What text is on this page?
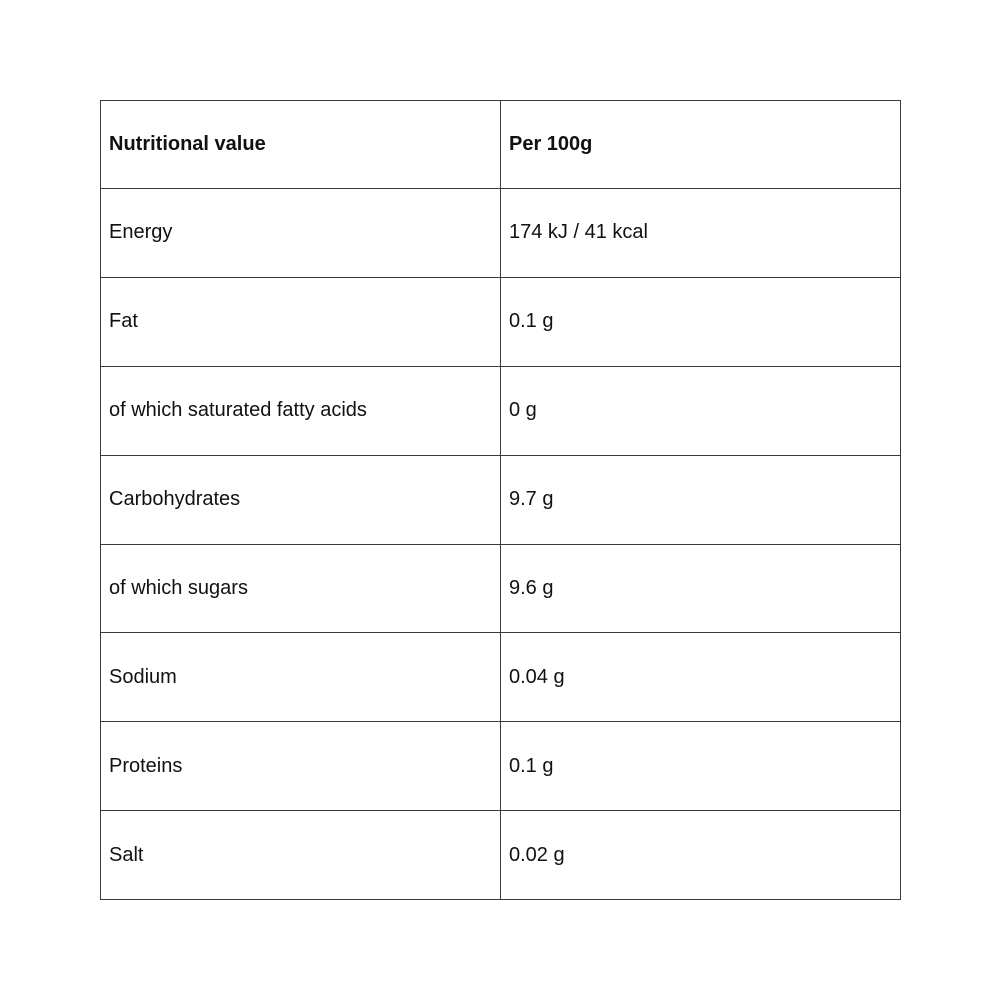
Nutritional value	Per 100g
Energy	174 kJ / 41 kcal
Fat	0.1 g
of which saturated fatty acids	0 g
Carbohydrates	9.7 g
of which sugars	9.6 g
Sodium	0.04 g
Proteins	0.1 g
Salt	0.02 g
